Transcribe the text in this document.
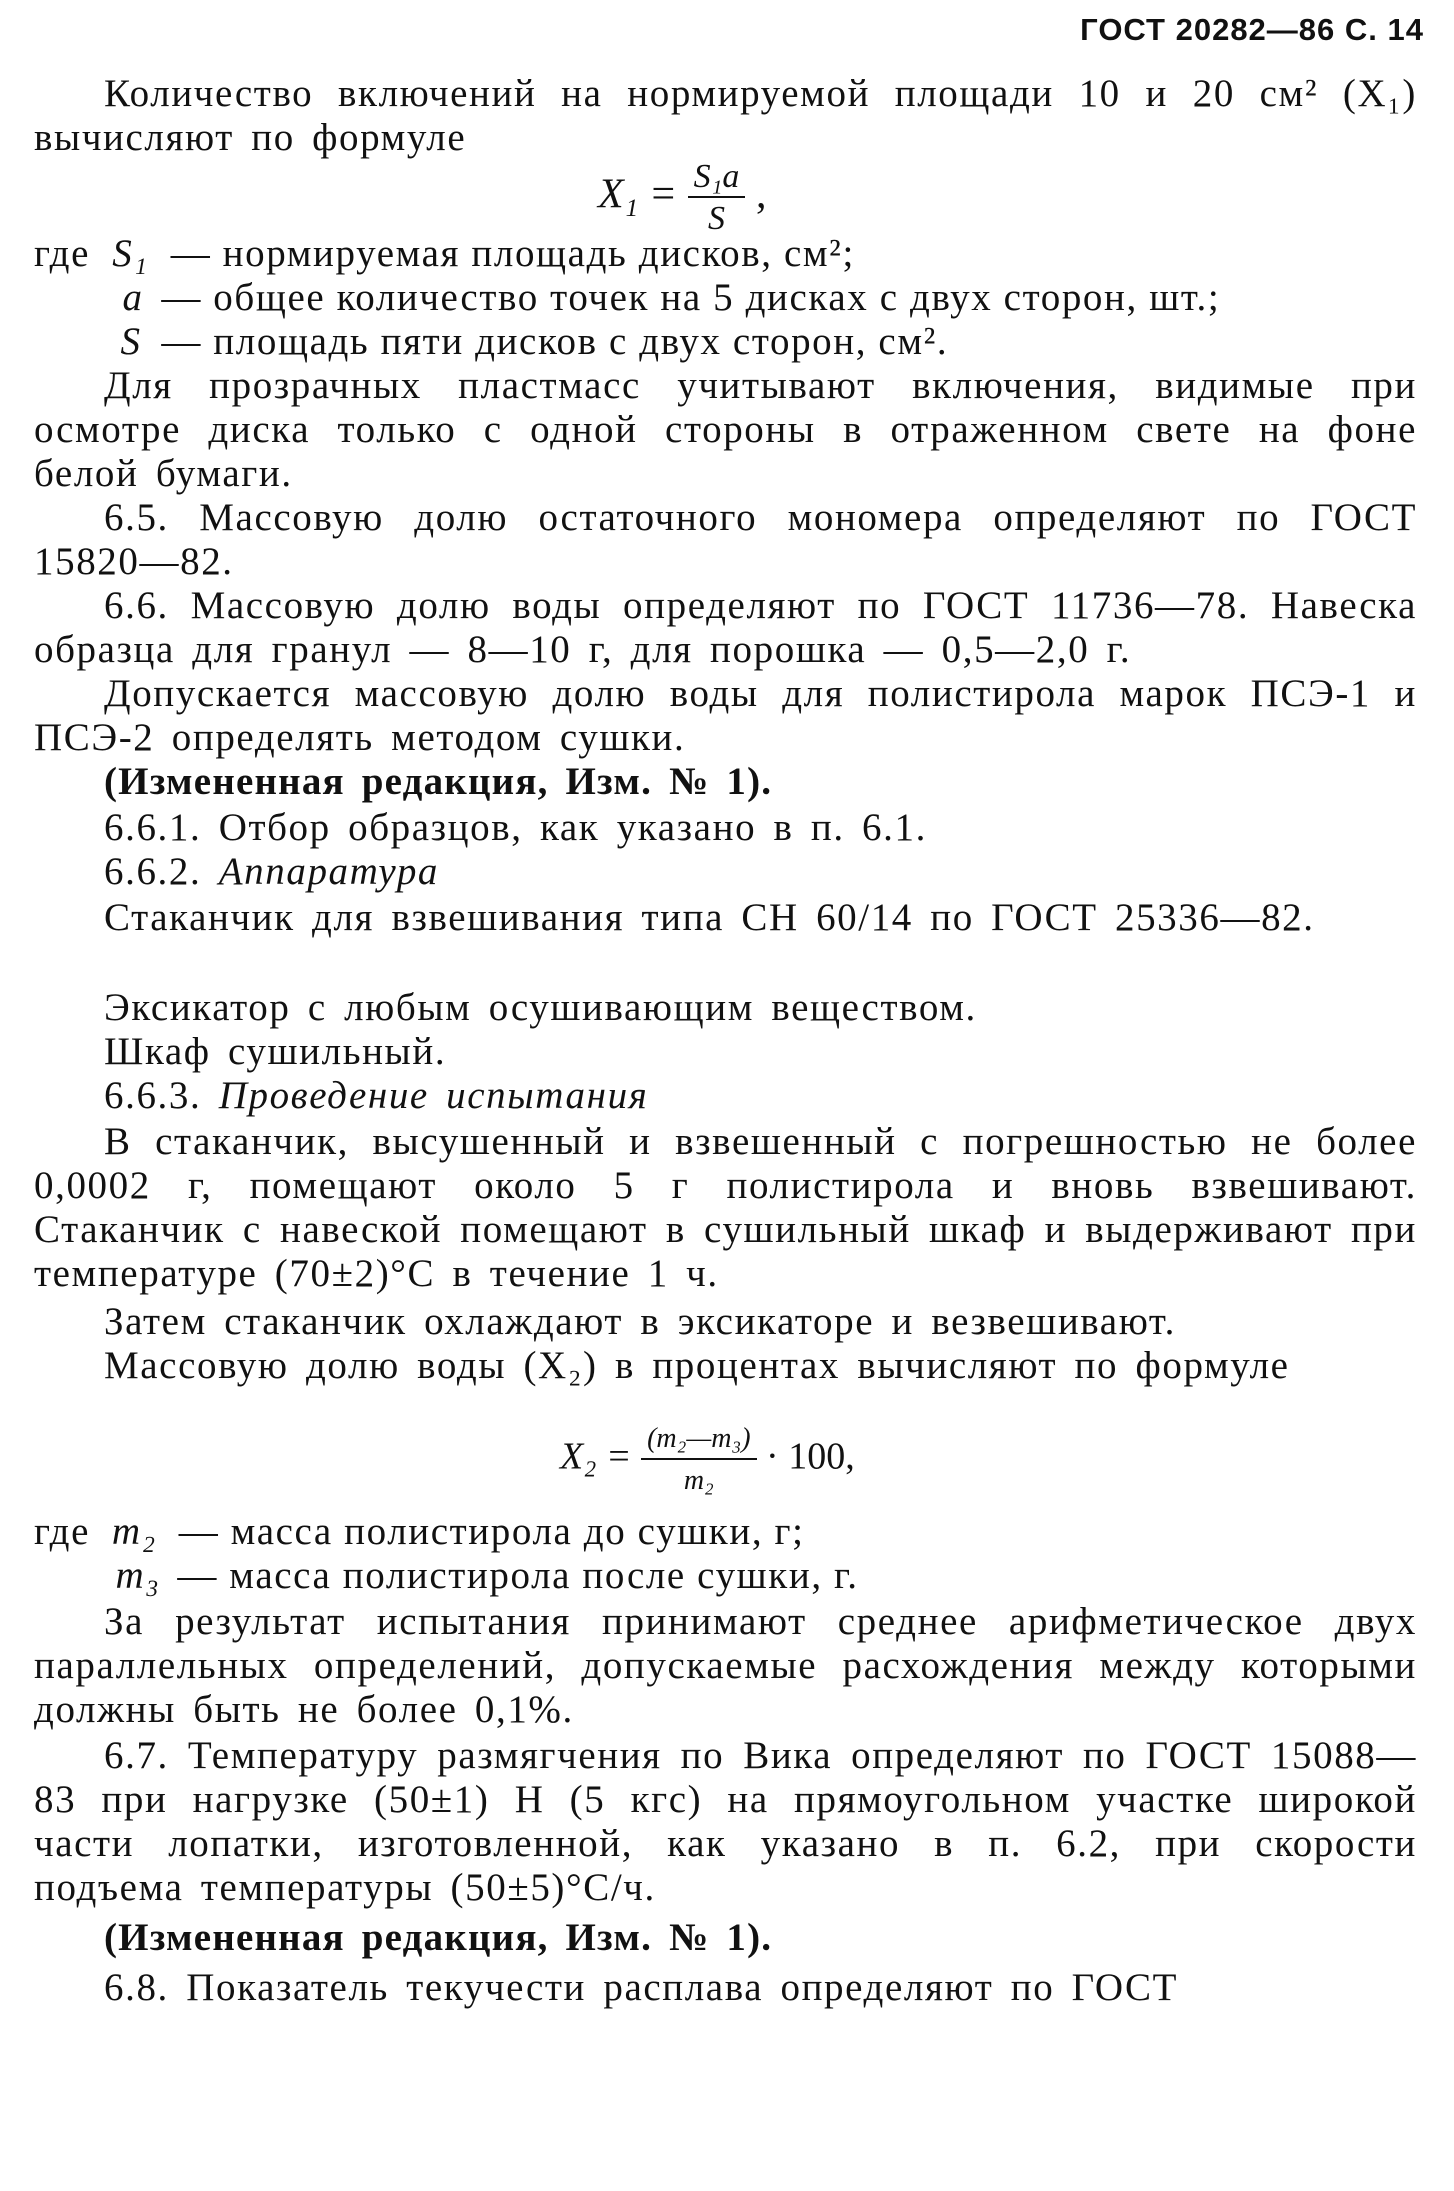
ГОСТ 20282—86 С. 14

Количество включений на нормируемой площади 10 и 20 см² (X₁) вычисляют по формуле

$X_1 = \frac{\text{S₁a}}{S}$ ,
где S₁ — нормируемая площадь дисков, см²;
a — общее количество точек на 5 дисках с двух сторон, шт.;
S — площадь пяти дисков с двух сторон, см².

Для прозрачных пластмасс учитывают включения, видимые при осмотре диска только с одной стороны в отраженном свете на фоне белой бумаги.

6.5. Массовую долю остаточного мономера определяют по ГОСТ 15820—82.

6.6. Массовую долю воды определяют по ГОСТ 11736—78. Навеска образца для гранул — 8—10 г, для порошка — 0,5—2,0 г.

Допускается массовую долю воды для полистирола марок ПСЭ-1 и ПСЭ-2 определять методом сушки.

(Измененная редакция, Изм. № 1).

6.6.1. Отбор образцов, как указано в п. 6.1.

6.6.2. Аппаратура

Стаканчик для взвешивания типа СН 60/14 по ГОСТ 25336—82.

Эксикатор с любым осушивающим веществом.

Шкаф сушильный.

6.6.3. Проведение испытания

В стаканчик, высушенный и взвешенный с погрешностью не более 0,0002 г, помещают около 5 г полистирола и вновь взвешивают. Стаканчик с навеской помещают в сушильный шкаф и выдерживают при температуре (70±2)°С в течение 1 ч.

Затем стаканчик охлаждают в эксикаторе и везвешивают.

Массовую долю воды (X₂) в процентах вычисляют по формуле

$X_2 = \frac{\text{(m₂—m₃)}}{\text{m₂}} \cdot 100$,
где m₂ — масса полистирола до сушки, г;
m₃ — масса полистирола после сушки, г.

За результат испытания принимают среднее арифметическое двух параллельных определений, допускаемые расхождения между которыми должны быть не более 0,1%.

6.7. Температуру размягчения по Вика определяют по ГОСТ 15088—83 при нагрузке (50±1) Н (5 кгс) на прямоугольном участке широкой части лопатки, изготовленной, как указано в п. 6.2, при скорости подъема температуры (50±5)°С/ч.

(Измененная редакция, Изм. № 1).

6.8. Показатель текучести расплава определяют по ГОСТ
